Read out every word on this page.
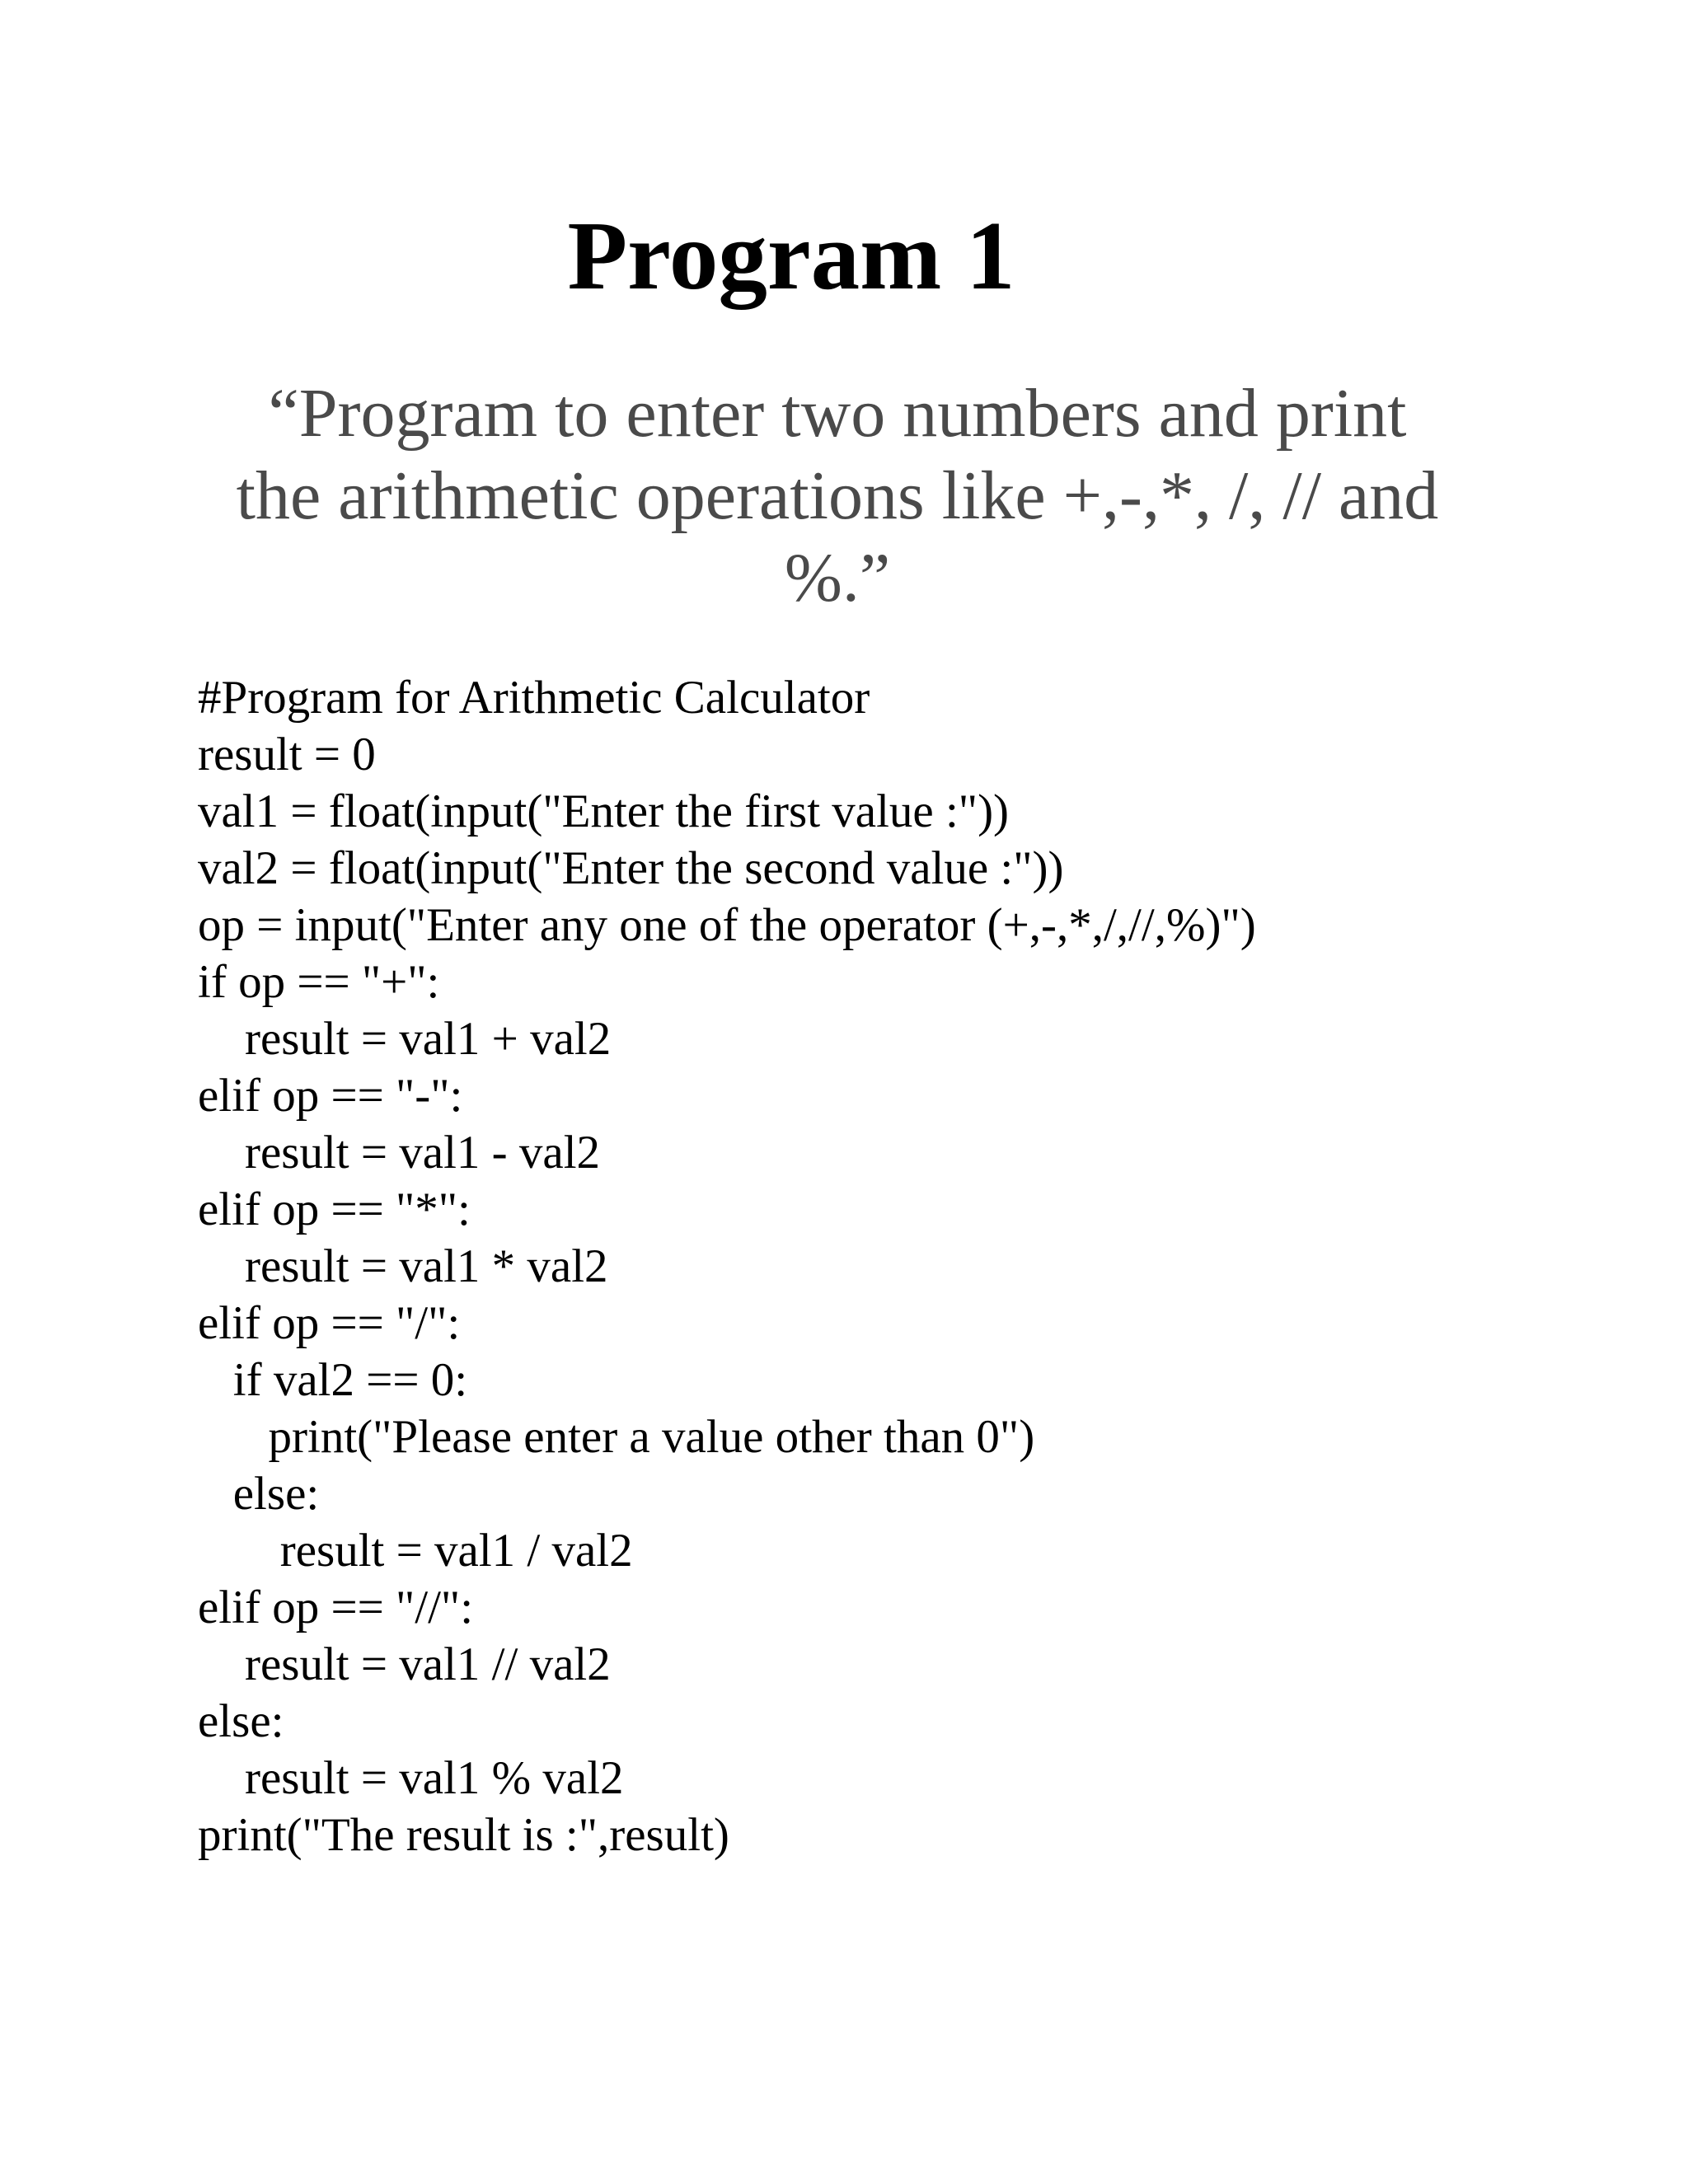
Program 1

“Program to enter two numbers and print
the arithmetic operations like +,-,*, /, // and
%.”

#Program for Arithmetic Calculator
result = 0
val1 = float(input("Enter the first value :"))
val2 = float(input("Enter the second value :"))
op = input("Enter any one of the operator (+,-,*,/,//,%)")
if op == "+":
result = val1 + val2
elif op == "-":
result = val1 - val2
elif op == "*":
result = val1 * val2
elif op == "/":
if val2 == 0:
print("Please enter a value other than 0")
else:
result = val1 / val2
elif op == "//":
result = val1 // val2
else:
result = val1 % val2
print("The result is :",result)
